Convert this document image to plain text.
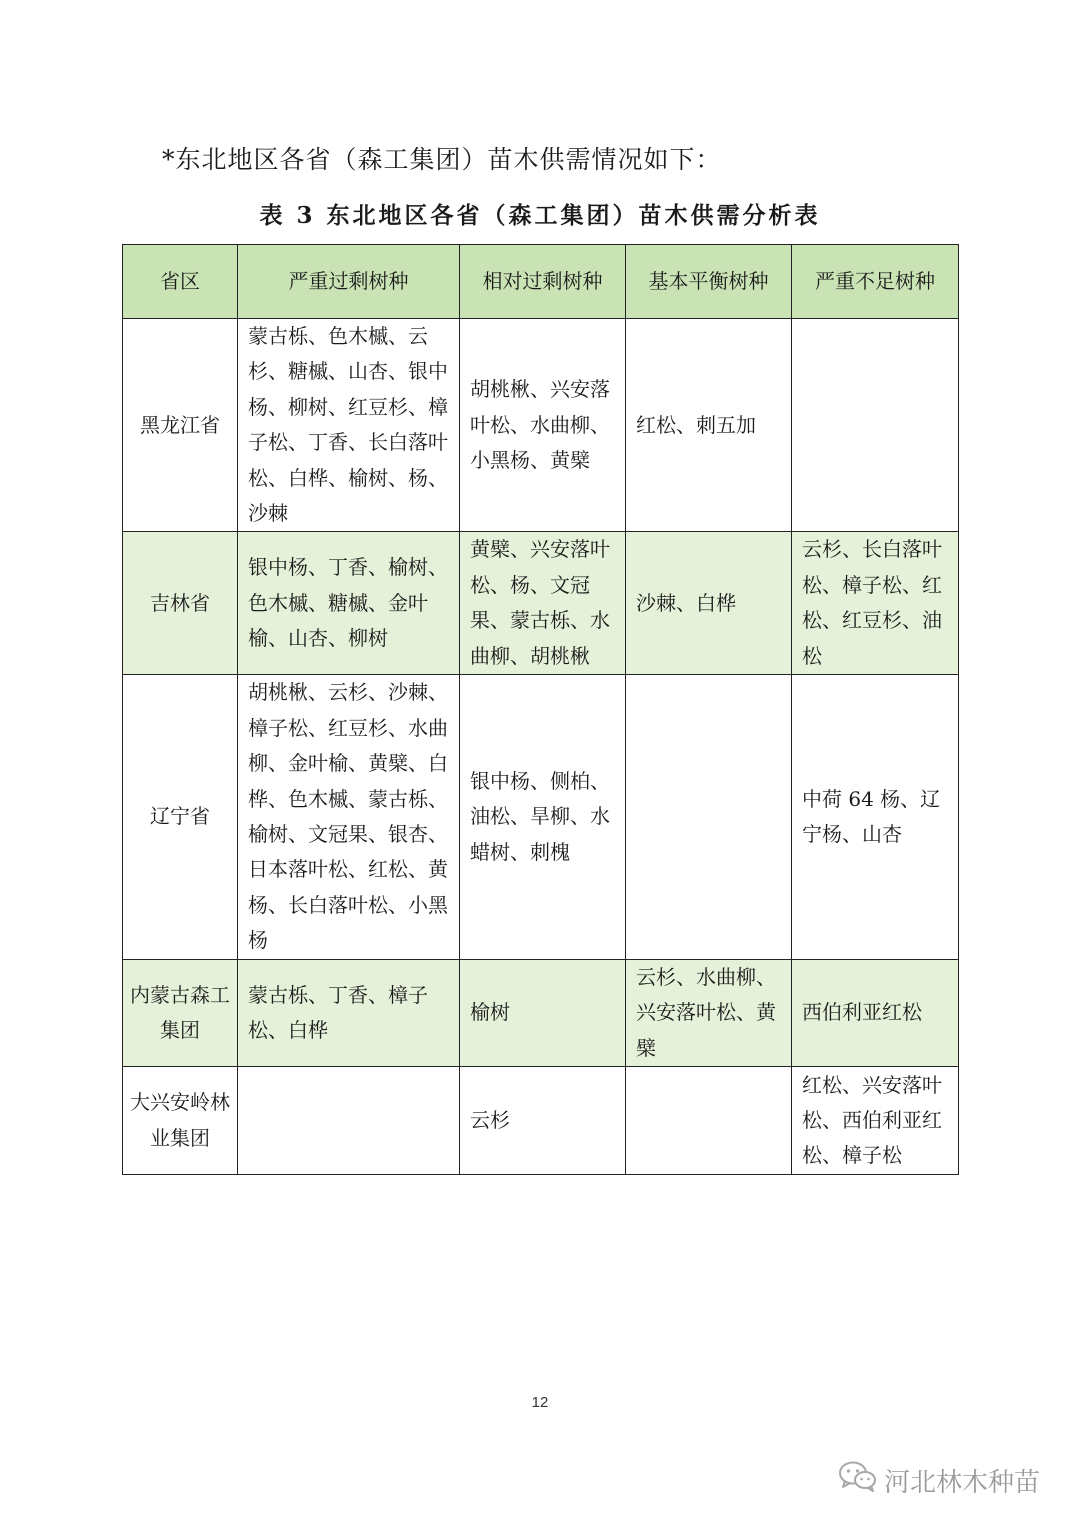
*东北地区各省（森工集团）苗木供需情况如下：
表 3 东北地区各省（森工集团）苗木供需分析表
省区	严重过剩树种	相对过剩树种	基本平衡树种	严重不足树种
黑龙江省	蒙古栎、色木槭、云杉、糖槭、山杏、银中杨、柳树、红豆杉、樟子松、丁香、长白落叶松、白桦、榆树、杨、沙棘	胡桃楸、兴安落叶松、水曲柳、小黑杨、黄檗	红松、刺五加	
吉林省	银中杨、丁香、榆树、色木槭、糖槭、金叶榆、山杏、柳树	黄檗、兴安落叶松、杨、文冠果、蒙古栎、水曲柳、胡桃楸	沙棘、白桦	云杉、长白落叶松、樟子松、红松、红豆杉、油松
辽宁省	胡桃楸、云杉、沙棘、樟子松、红豆杉、水曲柳、金叶榆、黄檗、白桦、色木槭、蒙古栎、榆树、文冠果、银杏、日本落叶松、红松、黄杨、长白落叶松、小黑杨	银中杨、侧柏、油松、旱柳、水蜡树、刺槐		中荷 64 杨、辽宁杨、山杏
内蒙古森工集团	蒙古栎、丁香、樟子松、白桦	榆树	云杉、水曲柳、兴安落叶松、黄檗	西伯利亚红松
大兴安岭林业集团		云杉		红松、兴安落叶松、西伯利亚红松、樟子松
12
河北林木种苗
